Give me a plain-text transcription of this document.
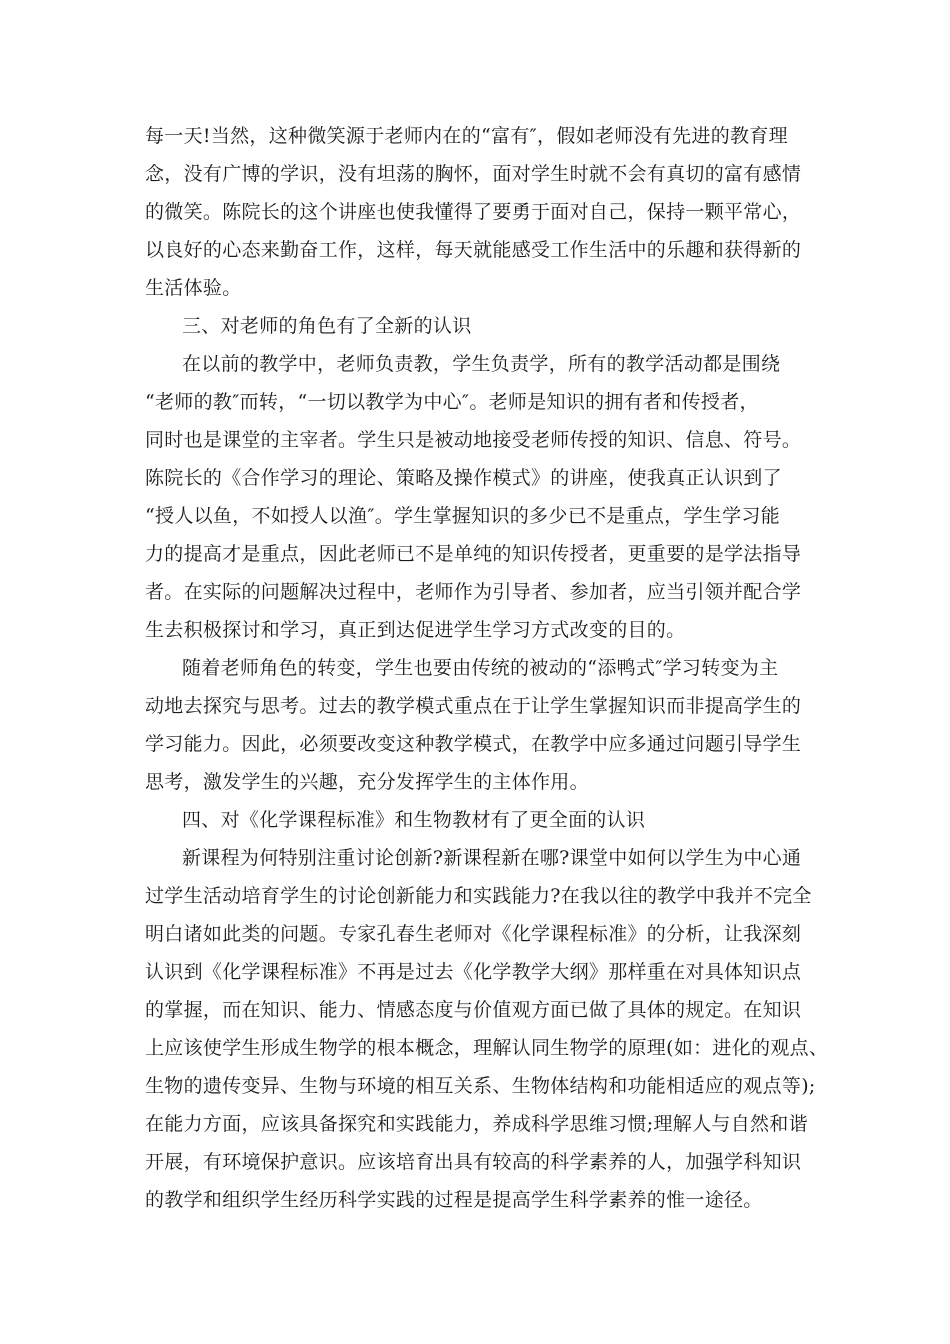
每一天!当然，这种微笑源于老师内在的“富有″，假如老师没有先进的教育理
念，没有广博的学识，没有坦荡的胸怀，面对学生时就不会有真切的富有感情
的微笑。陈院长的这个讲座也使我懂得了要勇于面对自己，保持一颗平常心，
以良好的心态来勤奋工作，这样，每天就能感受工作生活中的乐趣和获得新的
生活体验。
三、对老师的角色有了全新的认识
在以前的教学中，老师负责教，学生负责学，所有的教学活动都是围绕
“老师的教″而转，“一切以教学为中心″。老师是知识的拥有者和传授者，
同时也是课堂的主宰者。学生只是被动地接受老师传授的知识、信息、符号。
陈院长的《合作学习的理论、策略及操作模式》的讲座，使我真正认识到了
“授人以鱼，不如授人以渔″。学生掌握知识的多少已不是重点，学生学习能
力的提高才是重点，因此老师已不是单纯的知识传授者，更重要的是学法指导
者。在实际的问题解决过程中，老师作为引导者、参加者，应当引领并配合学
生去积极探讨和学习，真正到达促进学生学习方式改变的目的。
随着老师角色的转变，学生也要由传统的被动的“添鸭式″学习转变为主
动地去探究与思考。过去的教学模式重点在于让学生掌握知识而非提高学生的
学习能力。因此，必须要改变这种教学模式，在教学中应多通过问题引导学生
思考，激发学生的兴趣，充分发挥学生的主体作用。
四、对《化学课程标准》和生物教材有了更全面的认识
新课程为何特别注重讨论创新?新课程新在哪?课堂中如何以学生为中心通
过学生活动培育学生的讨论创新能力和实践能力?在我以往的教学中我并不完全
明白诸如此类的问题。专家孔春生老师对《化学课程标准》的分析，让我深刻
认识到《化学课程标准》不再是过去《化学教学大纲》那样重在对具体知识点
的掌握，而在知识、能力、情感态度与价值观方面已做了具体的规定。在知识
上应该使学生形成生物学的根本概念，理解认同生物学的原理(如：进化的观点、
生物的遗传变异、生物与环境的相互关系、生物体结构和功能相适应的观点等);
在能力方面，应该具备探究和实践能力，养成科学思维习惯;理解人与自然和谐
开展，有环境保护意识。应该培育出具有较高的科学素养的人，加强学科知识
的教学和组织学生经历科学实践的过程是提高学生科学素养的惟一途径。
